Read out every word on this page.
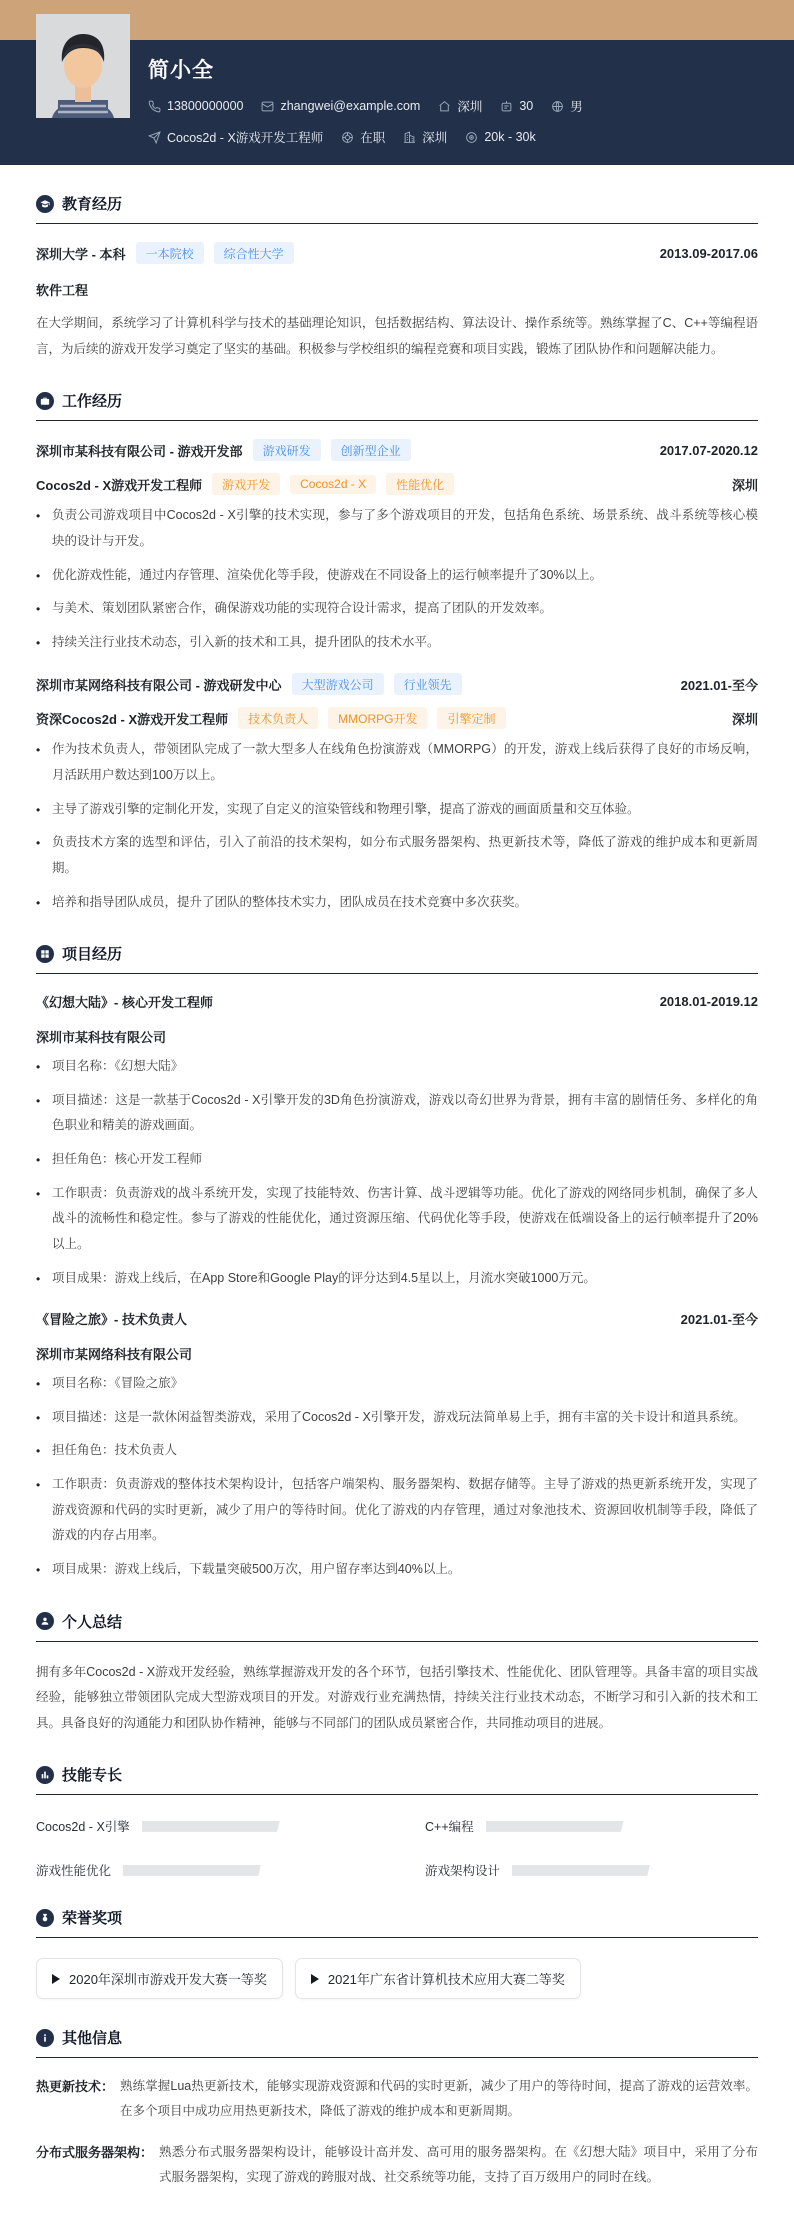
简小全
13800000000	zhangwei@example.com	深圳	30	男
Cocos2d - X游戏开发工程师	在职	深圳	20k - 30k
教育经历
深圳大学 - 本科	一本院校	综合性大学	2013.09-2017.06
软件工程

在大学期间，系统学习了计算机科学与技术的基础理论知识，包括数据结构、算法设计、操作系统等。熟练掌握了C、C++等编程语言，为后续的游戏开发学习奠定了坚实的基础。积极参与学校组织的编程竞赛和项目实践，锻炼了团队协作和问题解决能力。

工作经历
深圳市某科技有限公司 - 游戏开发部	游戏研发	创新型企业	2017.07-2020.12
Cocos2d - X游戏开发工程师	游戏开发	Cocos2d - X	性能优化	深圳
• 负责公司游戏项目中Cocos2d - X引擎的技术实现，参与了多个游戏项目的开发，包括角色系统、场景系统、战斗系统等核心模块的设计与开发。
• 优化游戏性能，通过内存管理、渲染优化等手段，使游戏在不同设备上的运行帧率提升了30%以上。
• 与美术、策划团队紧密合作，确保游戏功能的实现符合设计需求，提高了团队的开发效率。
• 持续关注行业技术动态，引入新的技术和工具，提升团队的技术水平。
深圳市某网络科技有限公司 - 游戏研发中心	大型游戏公司	行业领先	2021.01-至今
资深Cocos2d - X游戏开发工程师	技术负责人	MMORPG开发	引擎定制	深圳
• 作为技术负责人，带领团队完成了一款大型多人在线角色扮演游戏（MMORPG）的开发，游戏上线后获得了良好的市场反响，月活跃用户数达到100万以上。
• 主导了游戏引擎的定制化开发，实现了自定义的渲染管线和物理引擎，提高了游戏的画面质量和交互体验。
• 负责技术方案的选型和评估，引入了前沿的技术架构，如分布式服务器架构、热更新技术等，降低了游戏的维护成本和更新周期。
• 培养和指导团队成员，提升了团队的整体技术实力，团队成员在技术竞赛中多次获奖。
项目经历
《幻想大陆》- 核心开发工程师	2018.01-2019.12
深圳市某科技有限公司
• 项目名称：《幻想大陆》
• 项目描述：这是一款基于Cocos2d - X引擎开发的3D角色扮演游戏，游戏以奇幻世界为背景，拥有丰富的剧情任务、多样化的角色职业和精美的游戏画面。
• 担任角色：核心开发工程师
• 工作职责：负责游戏的战斗系统开发，实现了技能特效、伤害计算、战斗逻辑等功能。优化了游戏的网络同步机制，确保了多人战斗的流畅性和稳定性。参与了游戏的性能优化，通过资源压缩、代码优化等手段，使游戏在低端设备上的运行帧率提升了20%以上。
• 项目成果：游戏上线后，在App Store和Google Play的评分达到4.5星以上，月流水突破1000万元。
《冒险之旅》- 技术负责人	2021.01-至今
深圳市某网络科技有限公司
• 项目名称：《冒险之旅》
• 项目描述：这是一款休闲益智类游戏，采用了Cocos2d - X引擎开发，游戏玩法简单易上手，拥有丰富的关卡设计和道具系统。
• 担任角色：技术负责人
• 工作职责：负责游戏的整体技术架构设计，包括客户端架构、服务器架构、数据存储等。主导了游戏的热更新系统开发，实现了游戏资源和代码的实时更新，减少了用户的等待时间。优化了游戏的内存管理，通过对象池技术、资源回收机制等手段，降低了游戏的内存占用率。
• 项目成果：游戏上线后，下载量突破500万次，用户留存率达到40%以上。
个人总结

拥有多年Cocos2d - X游戏开发经验，熟练掌握游戏开发的各个环节，包括引擎技术、性能优化、团队管理等。具备丰富的项目实战经验，能够独立带领团队完成大型游戏项目的开发。对游戏行业充满热情，持续关注行业技术动态，不断学习和引入新的技术和工具。具备良好的沟通能力和团队协作精神，能够与不同部门的团队成员紧密合作，共同推动项目的进展。

技能专长
Cocos2d - X引擎	C++编程
游戏性能优化	游戏架构设计
荣誉奖项
2020年深圳市游戏开发大赛一等奖	2021年广东省计算机技术应用大赛二等奖
其他信息
热更新技术： 熟练掌握Lua热更新技术，能够实现游戏资源和代码的实时更新，减少了用户的等待时间，提高了游戏的运营效率。在多个项目中成功应用热更新技术，降低了游戏的维护成本和更新周期。
分布式服务器架构： 熟悉分布式服务器架构设计，能够设计高并发、高可用的服务器架构。在《幻想大陆》项目中，采用了分布式服务器架构，实现了游戏的跨服对战、社交系统等功能，支持了百万级用户的同时在线。
